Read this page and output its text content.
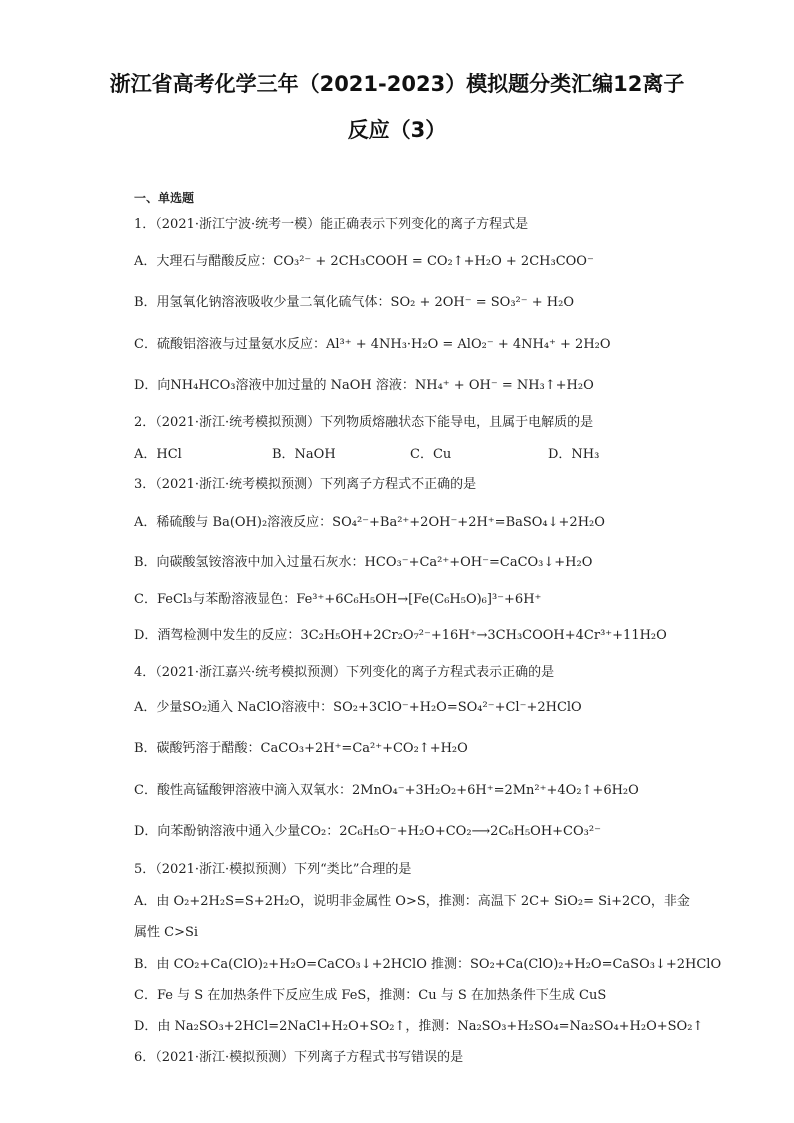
浙江省高考化学三年（2021-2023）模拟题分类汇编12离子
反应（3）
一、单选题
1．（2021·浙江宁波·统考一模）能正确表示下列变化的离子方程式是
A．大理石与醋酸反应：CO₃²⁻ + 2CH₃COOH = CO₂↑+H₂O + 2CH₃COO⁻
B．用氢氧化钠溶液吸收少量二氧化硫气体：SO₂ + 2OH⁻ = SO₃²⁻ + H₂O
C．硫酸铝溶液与过量氨水反应：Al³⁺ + 4NH₃·H₂O = AlO₂⁻ + 4NH₄⁺ + 2H₂O
D．向NH₄HCO₃溶液中加过量的 NaOH 溶液：NH₄⁺ + OH⁻ = NH₃↑+H₂O
2．（2021·浙江·统考模拟预测）下列物质熔融状态下能导电，且属于电解质的是
A．HCl	B．NaOH	C．Cu	D．NH₃
3．（2021·浙江·统考模拟预测）下列离子方程式不正确的是
A．稀硫酸与 Ba(OH)₂溶液反应：SO₄²⁻+Ba²⁺+2OH⁻+2H⁺=BaSO₄↓+2H₂O
B．向碳酸氢铵溶液中加入过量石灰水：HCO₃⁻+Ca²⁺+OH⁻=CaCO₃↓+H₂O
C．FeCl₃与苯酚溶液显色：Fe³⁺+6C₆H₅OH→[Fe(C₆H₅O)₆]³⁻+6H⁺
D．酒驾检测中发生的反应：3C₂H₅OH+2Cr₂O₇²⁻+16H⁺→3CH₃COOH+4Cr³⁺+11H₂O
4．（2021·浙江嘉兴·统考模拟预测）下列变化的离子方程式表示正确的是
A．少量SO₂通入 NaClO溶液中：SO₂+3ClO⁻+H₂O=SO₄²⁻+Cl⁻+2HClO
B．碳酸钙溶于醋酸：CaCO₃+2H⁺=Ca²⁺+CO₂↑+H₂O
C．酸性高锰酸钾溶液中滴入双氧水：2MnO₄⁻+3H₂O₂+6H⁺=2Mn²⁺+4O₂↑+6H₂O
D．向苯酚钠溶液中通入少量CO₂：2C₆H₅O⁻+H₂O+CO₂⟶2C₆H₅OH+CO₃²⁻
5．（2021·浙江·模拟预测）下列“类比”合理的是
A．由 O₂+2H₂S=S+2H₂O，说明非金属性 O>S，推测：高温下 2C+ SiO₂= Si+2CO，非金
属性 C>Si
B．由 CO₂+Ca(ClO)₂+H₂O=CaCO₃↓+2HClO 推测：SO₂+Ca(ClO)₂+H₂O=CaSO₃↓+2HClO
C．Fe 与 S 在加热条件下反应生成 FeS，推测：Cu 与 S 在加热条件下生成 CuS
D．由 Na₂SO₃+2HCl=2NaCl+H₂O+SO₂↑，推测：Na₂SO₃+H₂SO₄=Na₂SO₄+H₂O+SO₂↑
6．（2021·浙江·模拟预测）下列离子方程式书写错误的是
